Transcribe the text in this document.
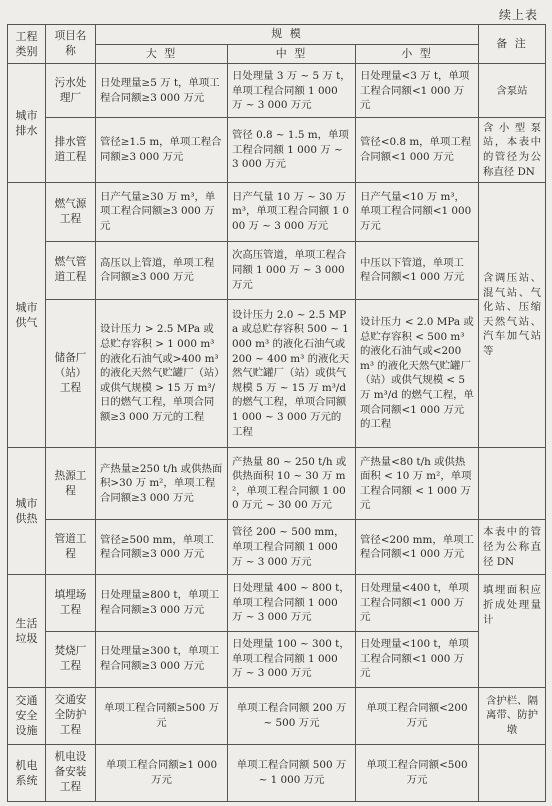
续上表
工程类别	项目名称	规 模			备 注
		大 型	中 型	小 型	
城市排水	污水处理厂	日处理量≥5 万 t，单项工程合同额≥3 000 万元	日处理量 3 万 ~ 5 万 t，单项工程合同额 1 000 万 ~ 3 000 万元	日处理量<3 万 t，单项工程合同额<1 000 万元	含泵站
	排水管道工程	管径≥1.5 m，单项工程合同额≥3 000 万元	管径 0.8 ~ 1.5 m，单项工程合同额 1 000 万 ~ 3 000 万元	管径<0.8 m，单项工程合同额<1 000 万元	含小型泵站，本表中的管径为公称直径 DN
城市供气	燃气源工程	日产气量≥30 万 m³，单项工程合同额≥3 000 万元	日产气量 10 万 ~ 30 万 m³，单项工程合同额 1 000 万 ~ 3 000 万元	日产气量<10 万 m³，单项工程合同额<1 000 万元	含调压站、混气站、气化站、压缩天然气站、汽车加气站等
	燃气管道工程	高压以上管道，单项工程合同额≥3 000 万元	次高压管道，单项工程合同额 1 000 万 ~ 3 000 万元	中压以下管道，单项工程合同额<1 000 万元	
	储备厂（站）工程	设计压力 > 2.5 MPa 或总贮存容积 > 1 000 m³ 的液化石油气或>400 m³ 的液化天然气贮罐厂（站）或供气规模 > 15 万 m³/日的燃气工程，单项合同额≥3 000 万元的工程	设计压力 2.0 ~ 2.5 MPa 或总贮存容积 500 ~ 1 000 m³ 的液化石油气或 200 ~ 400 m³ 的液化天然气贮罐厂（站）或供气规模 5 万 ~ 15 万 m³/d 的燃气工程，单项合同额 1 000 ~ 3 000 万元的工程	设计压力 < 2.0 MPa 或总贮存容积 < 500 m³ 的液化石油气或<200 m³ 的液化天然气贮罐厂（站）或供气规模 < 5 万 m³/d 的燃气工程，单项合同额<1 000 万元的工程	
城市供热	热源工程	产热量≥250 t/h 或供热面积>30 万 m²，单项工程合同额≥3 000 万元	产热量 80 ~ 250 t/h 或供热面积 10 ~ 30 万 m²，单项工程合同额 1 000 万元 ~ 30 00 万元	产热量<80 t/h 或供热面积 < 10 万 m²，单项工程合同额 < 1 000 万元	
	管道工程	管径≥500 mm，单项工程合同额≥3 000 万元	管径 200 ~ 500 mm，单项工程合同额 1 000 万 ~ 3 000 万元	管径<200 mm，单项工程合同额<1 000 万元	本表中的管径为公称直径 DN
生活垃圾	填埋场工程	日处理量≥800 t，单项工程合同额≥3 000 万元	日处理量 400 ~ 800 t，单项工程合同额 1 000 万 ~ 3 000 万元	日处理量<400 t，单项工程合同额<1 000 万元	填埋面积应折成处理量计
	焚烧厂工程	日处理量≥300 t，单项工程合同额≥3 000 万元	日处理量 100 ~ 300 t，单项工程合同额 1 000 万 ~ 3 000 万元	日处理量<100 t，单项工程合同额<1 000 万元	
交通安全设施	交通安全防护工程	单项工程合同额≥500 万元	单项工程合同额 200 万 ~ 500 万元	单项工程合同额<200 万元	含护栏、隔离带、防护墩
机电系统	机电设备安装工程	单项工程合同额≥1 000 万元	单项工程合同额 500 万 ~ 1 000 万元	单项工程合同额<500 万元	
